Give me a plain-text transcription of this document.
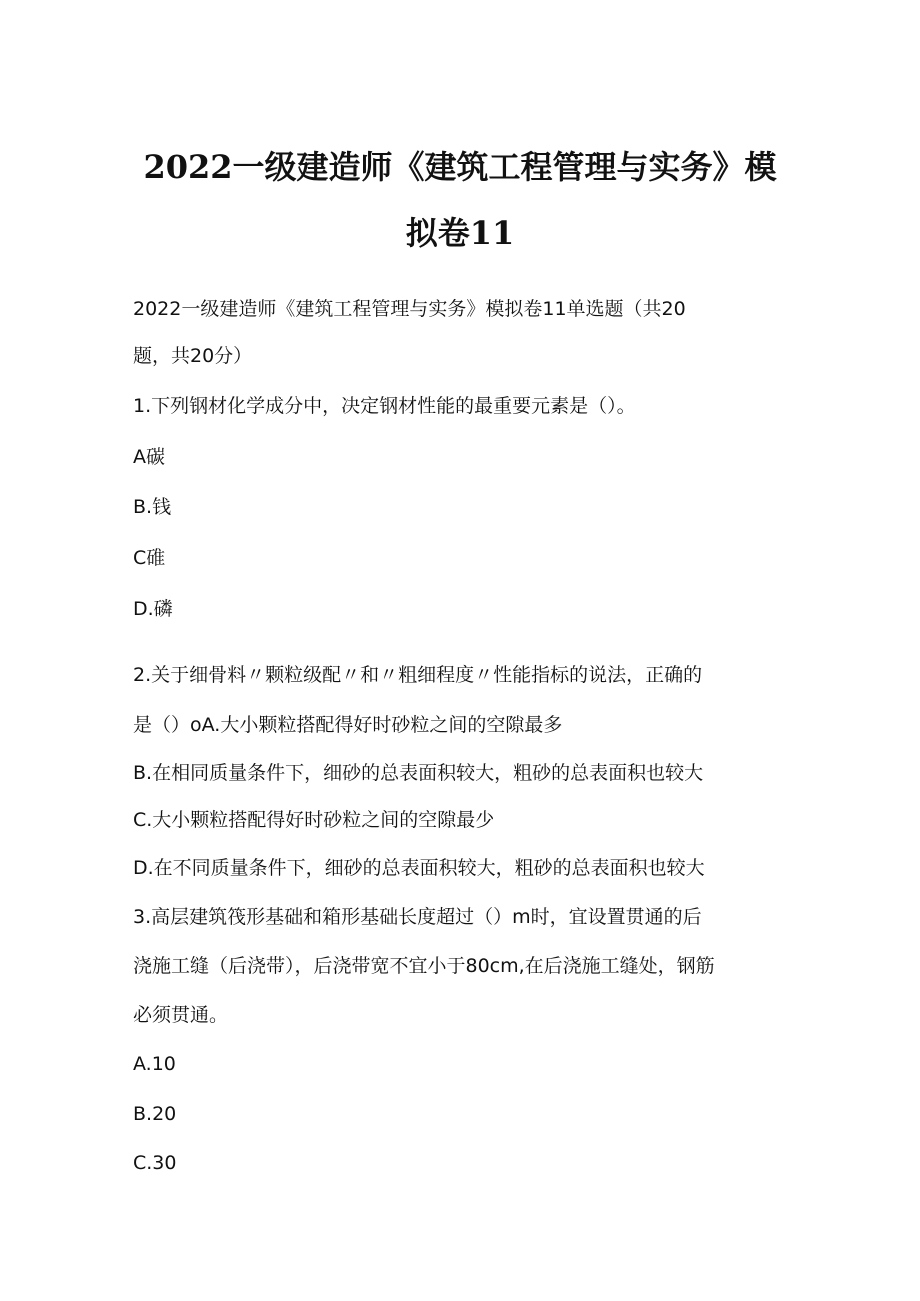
2022一级建造师《建筑工程管理与实务》模
拟卷11
2022一级建造师《建筑工程管理与实务》模拟卷11单选题（共20
题，共20分）
1.下列钢材化学成分中，决定钢材性能的最重要元素是（）。
A碳
B.钱
C碓
D.磷
2.关于细骨料〃颗粒级配〃和〃粗细程度〃性能指标的说法，正确的
是（）oA.大小颗粒搭配得好时砂粒之间的空隙最多
B.在相同质量条件下，细砂的总表面积较大，粗砂的总表面积也较大
C.大小颗粒搭配得好时砂粒之间的空隙最少
D.在不同质量条件下，细砂的总表面积较大，粗砂的总表面积也较大
3.高层建筑筏形基础和箱形基础长度超过（）m时，宜设置贯通的后
浇施工缝（后浇带），后浇带宽不宜小于80cm,在后浇施工缝处，钢筋
必须贯通。
A.10
B.20
C.30
